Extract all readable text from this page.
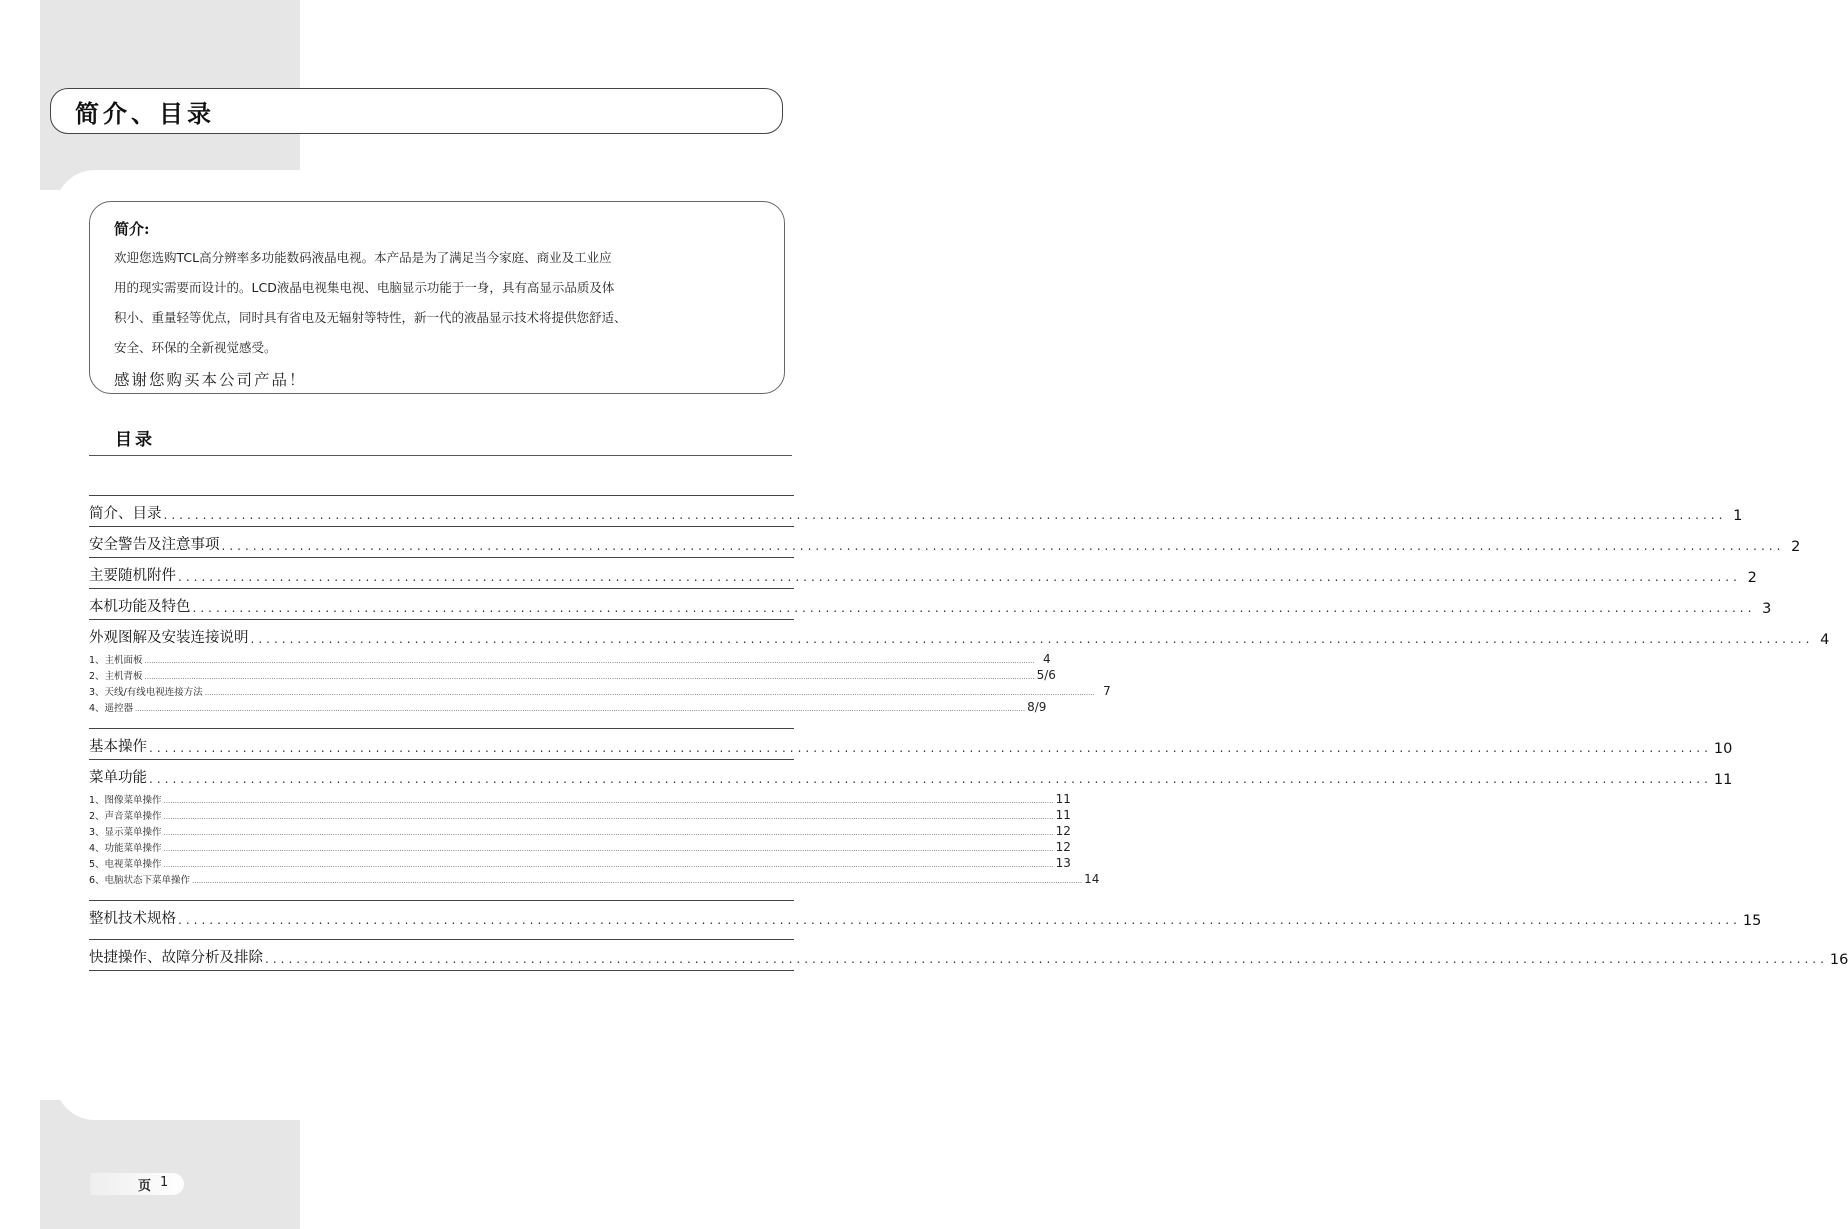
简介、目录
简介:
欢迎您选购TCL高分辨率多功能数码液晶电视。本产品是为了满足当今家庭、商业及工业应
用的现实需要而设计的。LCD液晶电视集电视、电脑显示功能于一身，具有高显示品质及体
积小、重量轻等优点，同时具有省电及无辐射等特性，新一代的液晶显示技术将提供您舒适、
安全、环保的全新视觉感受。
感谢您购买本公司产品！
目录
简介、目录 ........................................................................................................................................................................................................ 1
安全警告及注意事项 ........................................................................................................................................................................................................ 2
主要随机附件 ........................................................................................................................................................................................................ 2
本机功能及特色 ........................................................................................................................................................................................................ 3
外观图解及安装连接说明 ........................................................................................................................................................................................................ 4
1、主机面板 ................................................................................................................................................................................................................................................................................................................................................................................................................ 4
2、主机背板 ................................................................................................................................................................................................................................................................................................................................................................................................................ 5/6
3、天线/有线电视连接方法 ................................................................................................................................................................................................................................................................................................................................................................................................................ 7
4、遥控器 ................................................................................................................................................................................................................................................................................................................................................................................................................ 8/9
基本操作 ........................................................................................................................................................................................................ 10
菜单功能 ........................................................................................................................................................................................................ 11
1、图像菜单操作 ................................................................................................................................................................................................................................................................................................................................................................................................................ 11
2、声音菜单操作 ................................................................................................................................................................................................................................................................................................................................................................................................................ 11
3、显示菜单操作 ................................................................................................................................................................................................................................................................................................................................................................................................................ 12
4、功能菜单操作 ................................................................................................................................................................................................................................................................................................................................................................................................................ 12
5、电视菜单操作 ................................................................................................................................................................................................................................................................................................................................................................................................................ 13
6、电脑状态下菜单操作 ................................................................................................................................................................................................................................................................................................................................................................................................................ 14
整机技术规格 ........................................................................................................................................................................................................ 15
快捷操作、故障分析及排除 ........................................................................................................................................................................................................ 16
页 1
